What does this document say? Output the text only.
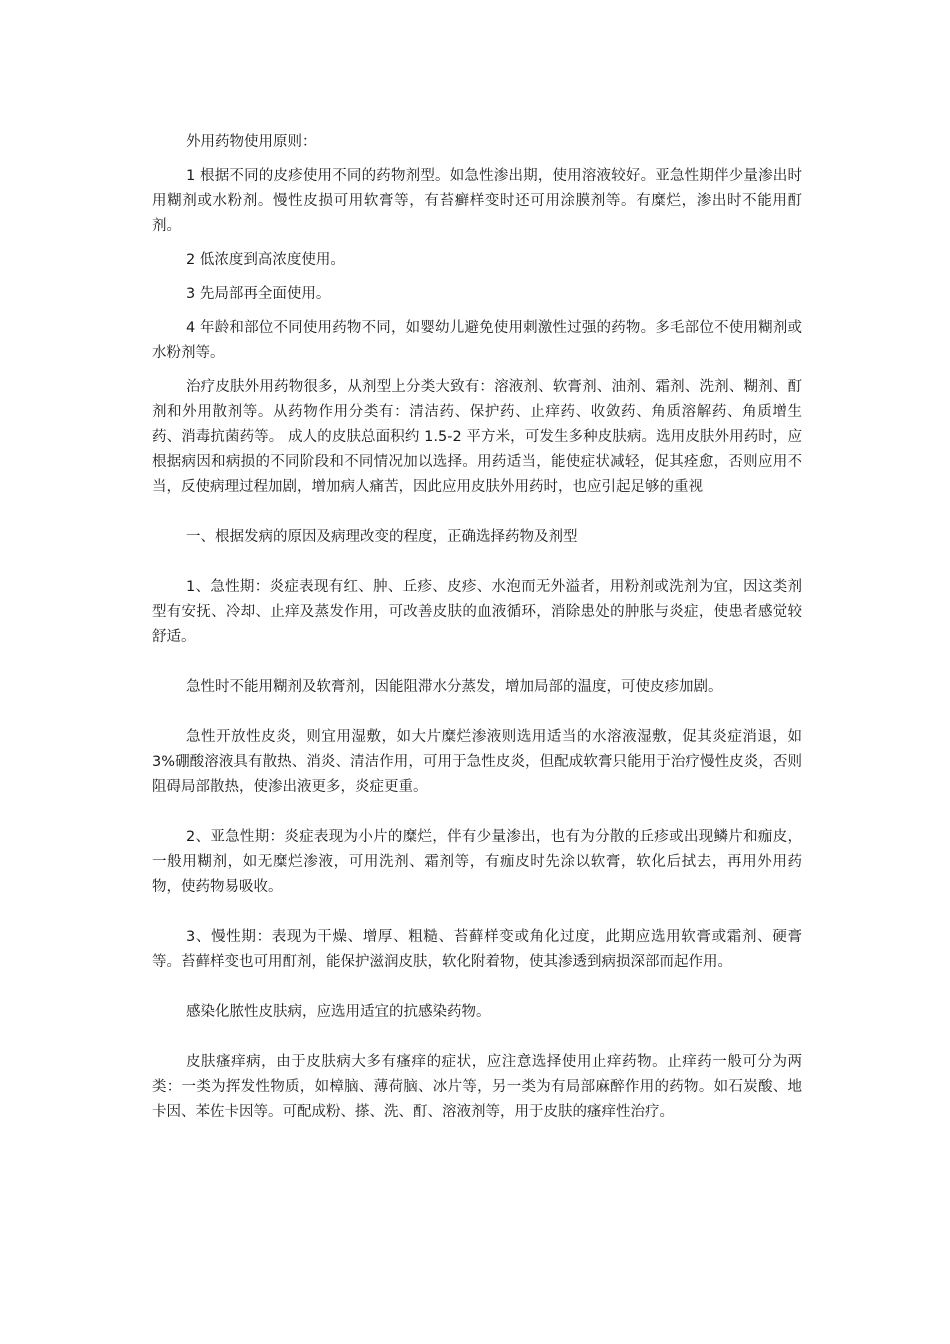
外用药物使用原则：

1 根据不同的皮疹使用不同的药物剂型。如急性渗出期，使用溶液较好。亚急性期伴少量渗出时用糊剂或水粉剂。慢性皮损可用软膏等，有苔癣样变时还可用涂膜剂等。有糜烂，渗出时不能用酊剂。

2 低浓度到高浓度使用。

3 先局部再全面使用。

4 年龄和部位不同使用药物不同，如婴幼儿避免使用刺激性过强的药物。多毛部位不使用糊剂或水粉剂等。

治疗皮肤外用药物很多，从剂型上分类大致有：溶液剂、软膏剂、油剂、霜剂、洗剂、糊剂、酊剂和外用散剂等。从药物作用分类有：清洁药、保护药、止痒药、收敛药、角质溶解药、角质增生药、消毒抗菌药等。 成人的皮肤总面积约 1.5-2 平方米，可发生多种皮肤病。选用皮肤外用药时，应根据病因和病损的不同阶段和不同情况加以选择。用药适当，能使症状减轻，促其痊愈，否则应用不当，反使病理过程加剧，增加病人痛苦，因此应用皮肤外用药时，也应引起足够的重视

一、根据发病的原因及病理改变的程度，正确选择药物及剂型

1、急性期：炎症表现有红、肿、丘疹、皮疹、水泡而无外溢者，用粉剂或洗剂为宜，因这类剂型有安抚、冷却、止痒及蒸发作用，可改善皮肤的血液循环，消除患处的肿胀与炎症，使患者感觉较舒适。

急性时不能用糊剂及软膏剂，因能阻滞水分蒸发，增加局部的温度，可使皮疹加剧。

急性开放性皮炎，则宜用湿敷，如大片糜烂渗液则选用适当的水溶液湿敷，促其炎症消退，如 3%硼酸溶液具有散热、消炎、清洁作用，可用于急性皮炎，但配成软膏只能用于治疗慢性皮炎，否则阻碍局部散热，使渗出液更多，炎症更重。

2、亚急性期：炎症表现为小片的糜烂，伴有少量渗出，也有为分散的丘疹或出现鳞片和痂皮，一般用糊剂，如无糜烂渗液，可用洗剂、霜剂等，有痂皮时先涂以软膏，软化后拭去，再用外用药物，使药物易吸收。

3、慢性期：表现为干燥、增厚、粗糙、苔藓样变或角化过度，此期应选用软膏或霜剂、硬膏等。苔藓样变也可用酊剂，能保护滋润皮肤，软化附着物，使其渗透到病损深部而起作用。

感染化脓性皮肤病，应选用适宜的抗感染药物。

皮肤瘙痒病，由于皮肤病大多有瘙痒的症状，应注意选择使用止痒药物。止痒药一般可分为两类：一类为挥发性物质，如樟脑、薄荷脑、冰片等，另一类为有局部麻醉作用的药物。如石炭酸、地卡因、苯佐卡因等。可配成粉、搽、洗、酊、溶液剂等，用于皮肤的瘙痒性治疗。
